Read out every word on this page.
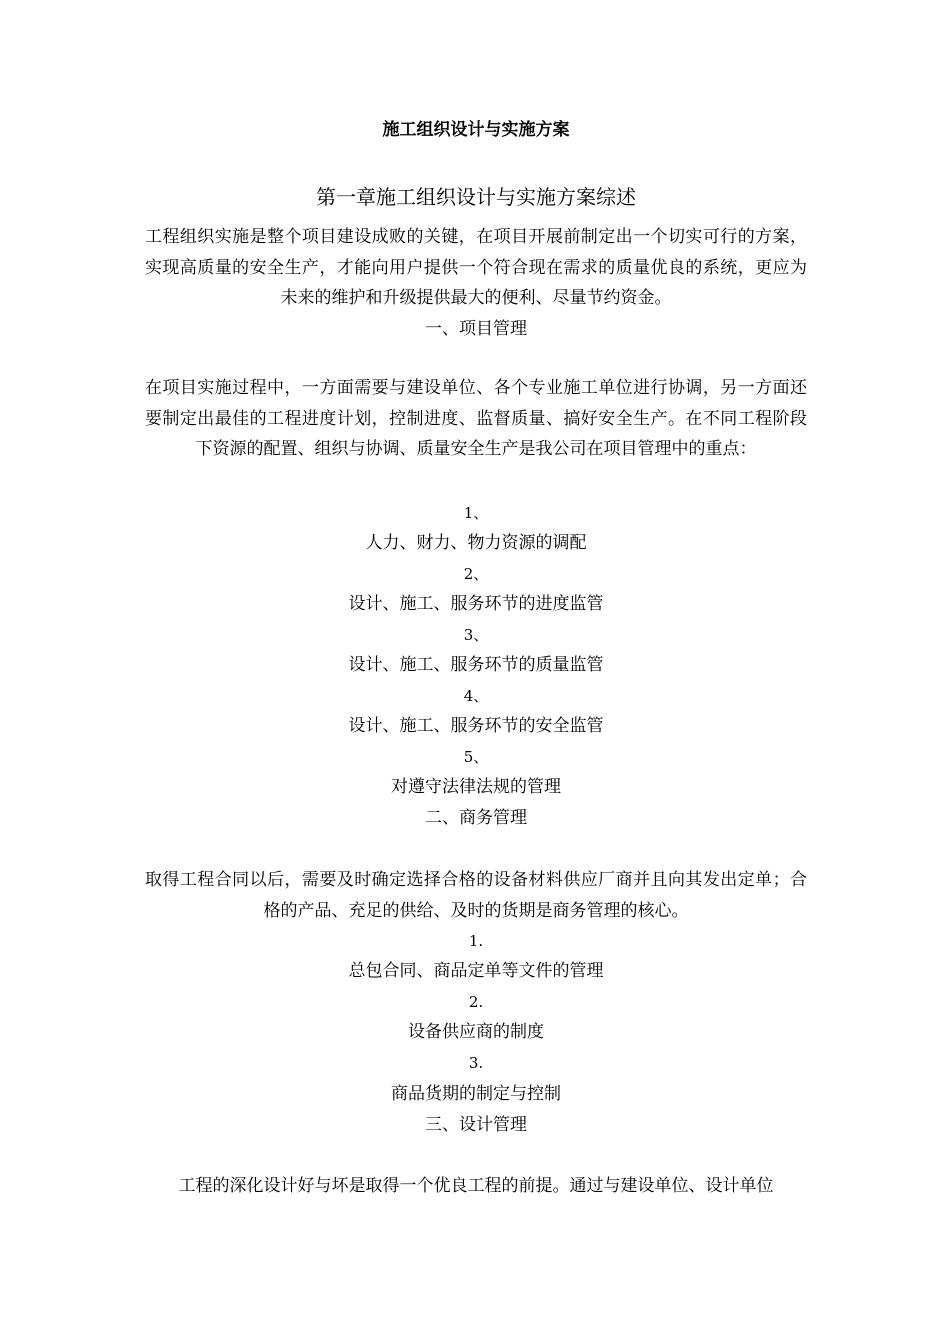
施工组织设计与实施方案
第一章施工组织设计与实施方案综述
工程组织实施是整个项目建设成败的关键，在项目开展前制定出一个切实可行的方案，实现高质量的安全生产，才能向用户提供一个符合现在需求的质量优良的系统，更应为未来的维护和升级提供最大的便利、尽量节约资金。
一、项目管理
在项目实施过程中，一方面需要与建设单位、各个专业施工单位进行协调，另一方面还要制定出最佳的工程进度计划，控制进度、监督质量、搞好安全生产。在不同工程阶段下资源的配置、组织与协调、质量安全生产是我公司在项目管理中的重点：
1、
人力、财力、物力资源的调配
2、
设计、施工、服务环节的进度监管
3、
设计、施工、服务环节的质量监管
4、
设计、施工、服务环节的安全监管
5、
对遵守法律法规的管理
二、商务管理
取得工程合同以后，需要及时确定选择合格的设备材料供应厂商并且向其发出定单；合格的产品、充足的供给、及时的货期是商务管理的核心。
1.
总包合同、商品定单等文件的管理
2.
设备供应商的制度
3.
商品货期的制定与控制
三、设计管理
工程的深化设计好与坏是取得一个优良工程的前提。通过与建设单位、设计单位
